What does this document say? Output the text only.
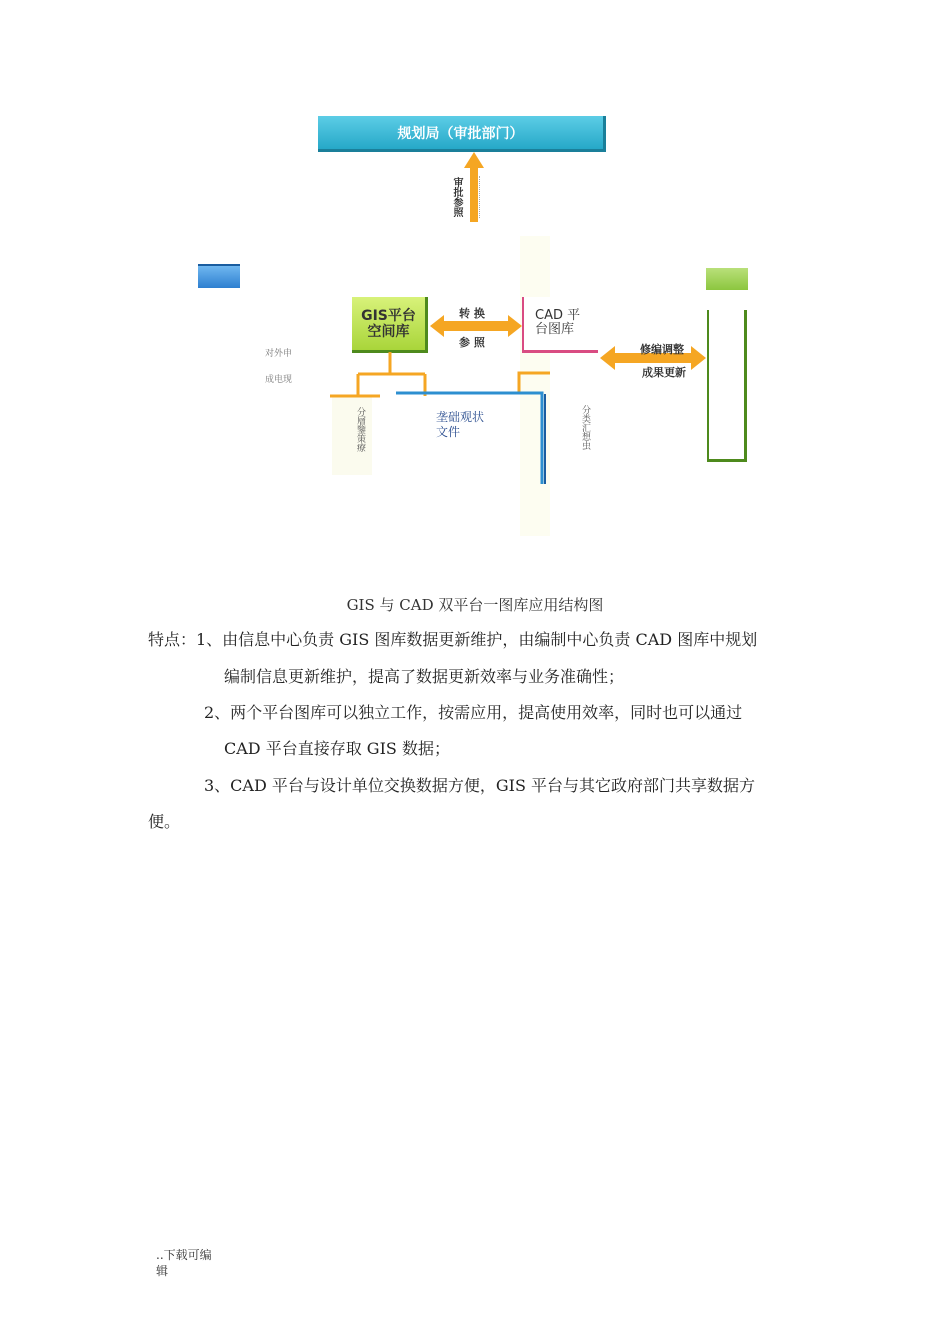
规划局（审批部门）
审批参照
GIS平台
空间库
转 换
参 照
CAD 平
台图库
修编调整
成果更新
对外申
成电现
分層鑒策療	垄础观状
文件	分类汇想虫
GIS 与 CAD 双平台一图库应用结构图
特点：1、由信息中心负责 GIS 图库数据更新维护，由编制中心负责 CAD 图库中规划
编制信息更新维护，提高了数据更新效率与业务准确性；
2、两个平台图库可以独立工作，按需应用，提高使用效率，同时也可以通过
CAD 平台直接存取 GIS 数据；
3、CAD 平台与设计单位交换数据方便，GIS 平台与其它政府部门共享数据方
便。
..下载可编
辑
